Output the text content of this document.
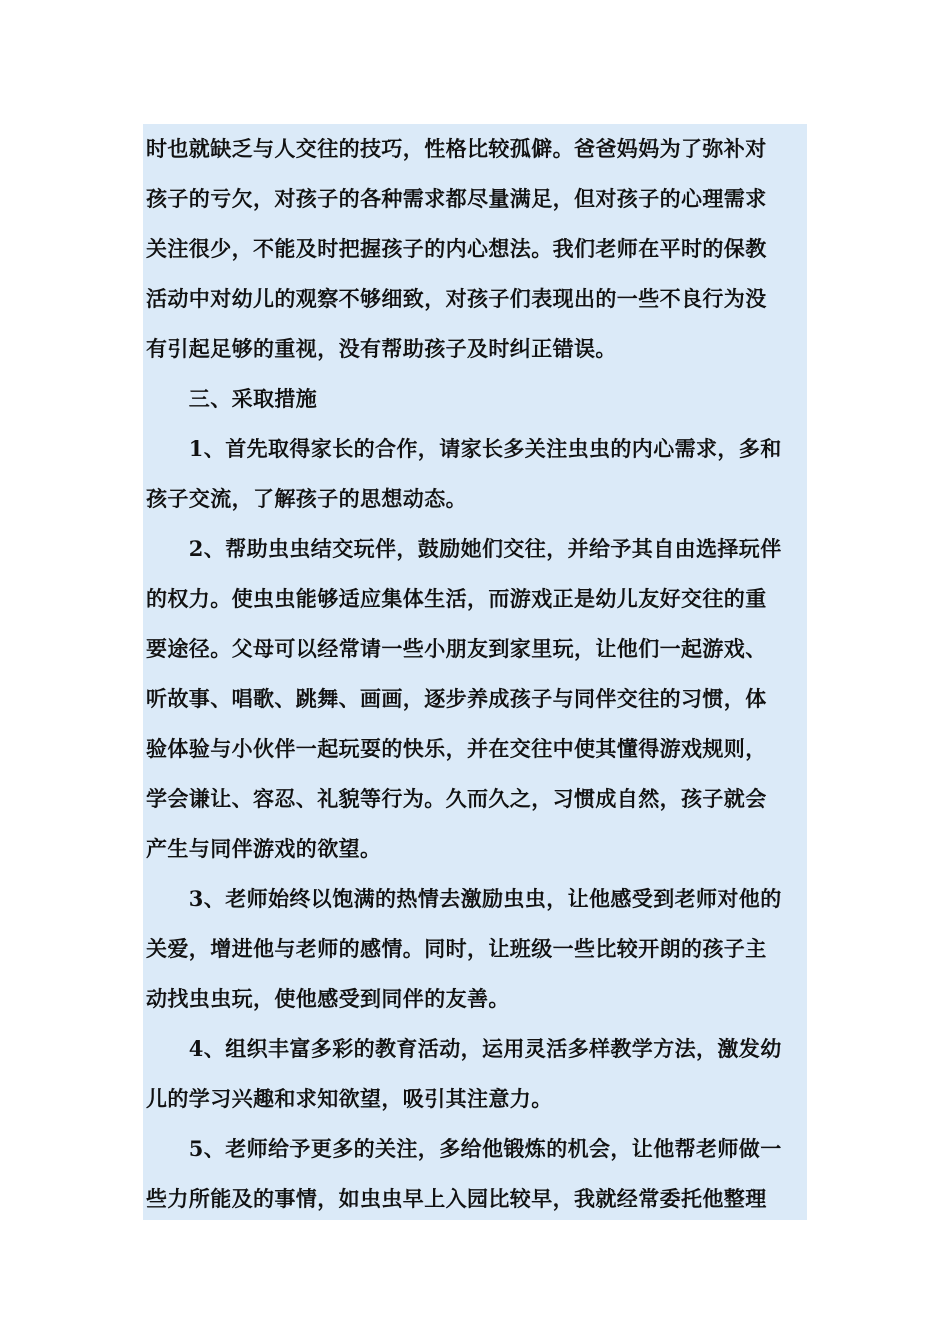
时也就缺乏与人交往的技巧，性格比较孤僻。爸爸妈妈为了弥补对
孩子的亏欠，对孩子的各种需求都尽量满足，但对孩子的心理需求
关注很少，不能及时把握孩子的内心想法。我们老师在平时的保教
活动中对幼儿的观察不够细致，对孩子们表现出的一些不良行为没
有引起足够的重视，没有帮助孩子及时纠正错误。
　　三、采取措施
　　1、首先取得家长的合作，请家长多关注虫虫的内心需求，多和
孩子交流，了解孩子的思想动态。
　　2、帮助虫虫结交玩伴，鼓励她们交往，并给予其自由选择玩伴
的权力。使虫虫能够适应集体生活，而游戏正是幼儿友好交往的重
要途径。父母可以经常请一些小朋友到家里玩，让他们一起游戏、
听故事、唱歌、跳舞、画画，逐步养成孩子与同伴交往的习惯，体
验体验与小伙伴一起玩耍的快乐，并在交往中使其懂得游戏规则，
学会谦让、容忍、礼貌等行为。久而久之，习惯成自然，孩子就会
产生与同伴游戏的欲望。
　　3、老师始终以饱满的热情去激励虫虫，让他感受到老师对他的
关爱，增进他与老师的感情。同时，让班级一些比较开朗的孩子主
动找虫虫玩，使他感受到同伴的友善。
　　4、组织丰富多彩的教育活动，运用灵活多样教学方法，激发幼
儿的学习兴趣和求知欲望，吸引其注意力。
　　5、老师给予更多的关注，多给他锻炼的机会，让他帮老师做一
些力所能及的事情，如虫虫早上入园比较早，我就经常委托他整理
